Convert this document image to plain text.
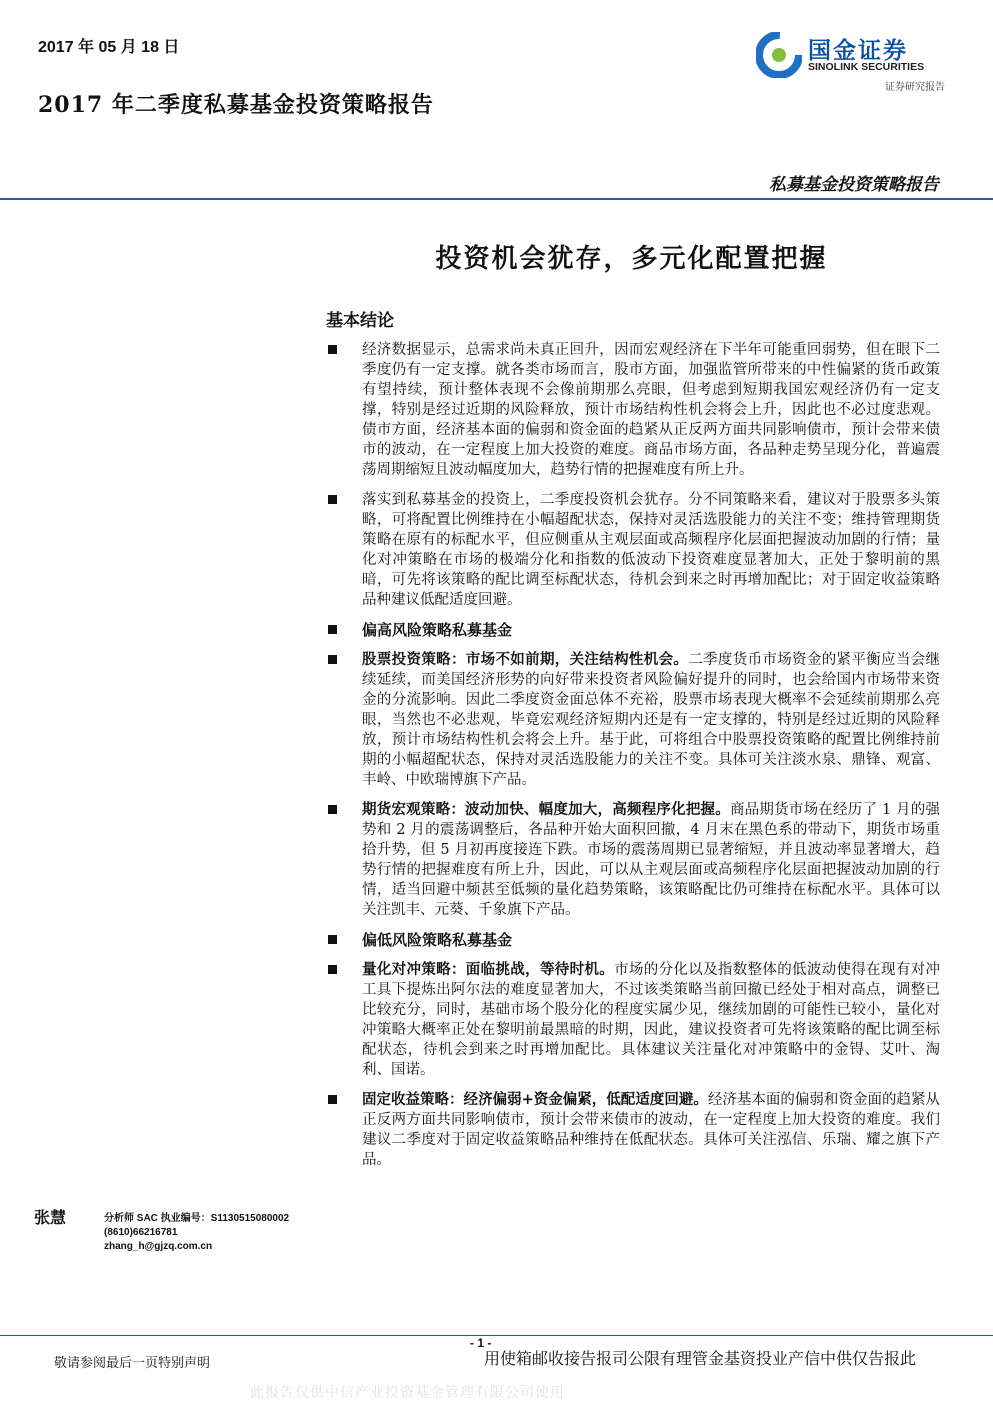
2017 年 05 月 18 日
2017 年二季度私募基金投资策略报告
国金证券
SINOLINK SECURITIES
证券研究报告
私募基金投资策略报告
投资机会犹存，多元化配置把握
基本结论
经济数据显示，总需求尚未真正回升，因而宏观经济在下半年可能重回弱势，但在眼下二季度仍有一定支撑。就各类市场而言，股市方面，加强监管所带来的中性偏紧的货币政策有望持续，预计整体表现不会像前期那么亮眼，但考虑到短期我国宏观经济仍有一定支撑，特别是经过近期的风险释放，预计市场结构性机会将会上升，因此也不必过度悲观。债市方面，经济基本面的偏弱和资金面的趋紧从正反两方面共同影响债市，预计会带来债市的波动，在一定程度上加大投资的难度。商品市场方面，各品种走势呈现分化，普遍震荡周期缩短且波动幅度加大，趋势行情的把握难度有所上升。
落实到私募基金的投资上，二季度投资机会犹存。分不同策略来看，建议对于股票多头策略，可将配置比例维持在小幅超配状态，保持对灵活选股能力的关注不变；维持管理期货策略在原有的标配水平，但应侧重从主观层面或高频程序化层面把握波动加剧的行情；量化对冲策略在市场的极端分化和指数的低波动下投资难度显著加大，正处于黎明前的黑暗，可先将该策略的配比调至标配状态，待机会到来之时再增加配比；对于固定收益策略品种建议低配适度回避。
偏高风险策略私募基金
股票投资策略：市场不如前期，关注结构性机会。二季度货币市场资金的紧平衡应当会继续延续，而美国经济形势的向好带来投资者风险偏好提升的同时，也会给国内市场带来资金的分流影响。因此二季度资金面总体不充裕，股票市场表现大概率不会延续前期那么亮眼，当然也不必悲观，毕竟宏观经济短期内还是有一定支撑的，特别是经过近期的风险释放，预计市场结构性机会将会上升。基于此，可将组合中股票投资策略的配置比例维持前期的小幅超配状态，保持对灵活选股能力的关注不变。具体可关注淡水泉、鼎锋、观富、丰岭、中欧瑞博旗下产品。
期货宏观策略：波动加快、幅度加大，高频程序化把握。商品期货市场在经历了 1 月的强势和 2 月的震荡调整后，各品种开始大面积回撤，4 月末在黑色系的带动下，期货市场重拾升势，但 5 月初再度接连下跌。市场的震荡周期已显著缩短，并且波动率显著增大，趋势行情的把握难度有所上升，因此，可以从主观层面或高频程序化层面把握波动加剧的行情，适当回避中频甚至低频的量化趋势策略，该策略配比仍可维持在标配水平。具体可以关注凯丰、元葵、千象旗下产品。
偏低风险策略私募基金
量化对冲策略：面临挑战，等待时机。市场的分化以及指数整体的低波动使得在现有对冲工具下提炼出阿尔法的难度显著加大，不过该类策略当前回撤已经处于相对高点，调整已比较充分，同时，基础市场个股分化的程度实属少见，继续加剧的可能性已较小，量化对冲策略大概率正处在黎明前最黑暗的时期，因此，建议投资者可先将该策略的配比调至标配状态，待机会到来之时再增加配比。具体建议关注量化对冲策略中的金锝、艾叶、淘利、国诺。
固定收益策略：经济偏弱+资金偏紧，低配适度回避。经济基本面的偏弱和资金面的趋紧从正反两方面共同影响债市，预计会带来债市的波动，在一定程度上加大投资的难度。我们建议二季度对于固定收益策略品种维持在低配状态。具体可关注泓信、乐瑞、耀之旗下产品。
张慧	分析师 SAC 执业编号：S1130515080002
(8610)66216781
zhang_h@gjzq.com.cn
- 1 -
敬请参阅最后一页特别声明	用使箱邮收接告报司公限有理管金基资投业产信中供仅告报此
此报告仅供中信产业投资基金管理有限公司使用
